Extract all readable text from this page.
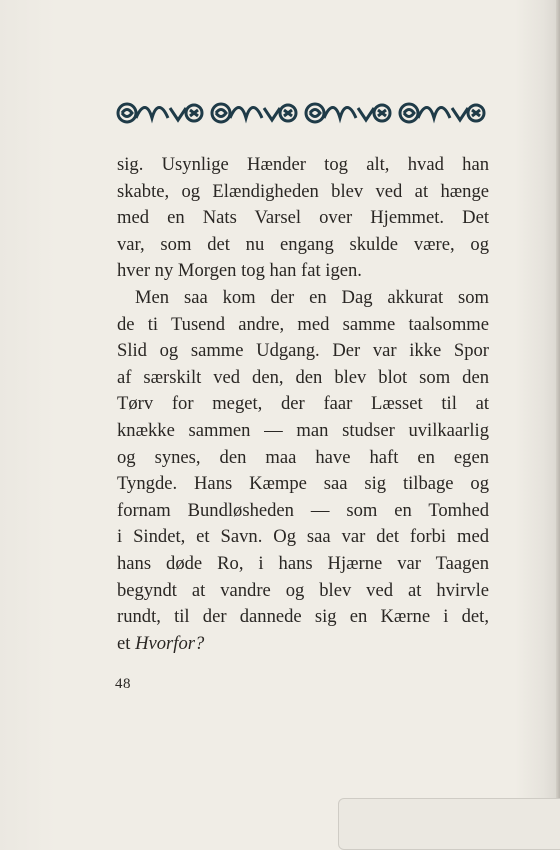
sig. Usynlige Hænder tog alt, hvad han
skabte, og Elændigheden blev ved at hænge
med en Nats Varsel over Hjemmet. Det
var, som det nu engang skulde være, og
hver ny Morgen tog han fat igen.
Men saa kom der en Dag akkurat som
de ti Tusend andre, med samme taalsomme
Slid og samme Udgang. Der var ikke Spor
af særskilt ved den, den blev blot som den
Tørv for meget, der faar Læsset til at
knække sammen — man studser uvilkaarlig
og synes, den maa have haft en egen
Tyngde. Hans Kæmpe saa sig tilbage og
fornam Bundløsheden — som en Tomhed
i Sindet, et Savn. Og saa var det forbi med
hans døde Ro, i hans Hjærne var Taagen
begyndt at vandre og blev ved at hvirvle
rundt, til der dannede sig en Kærne i det,
et Hvorfor?
48
